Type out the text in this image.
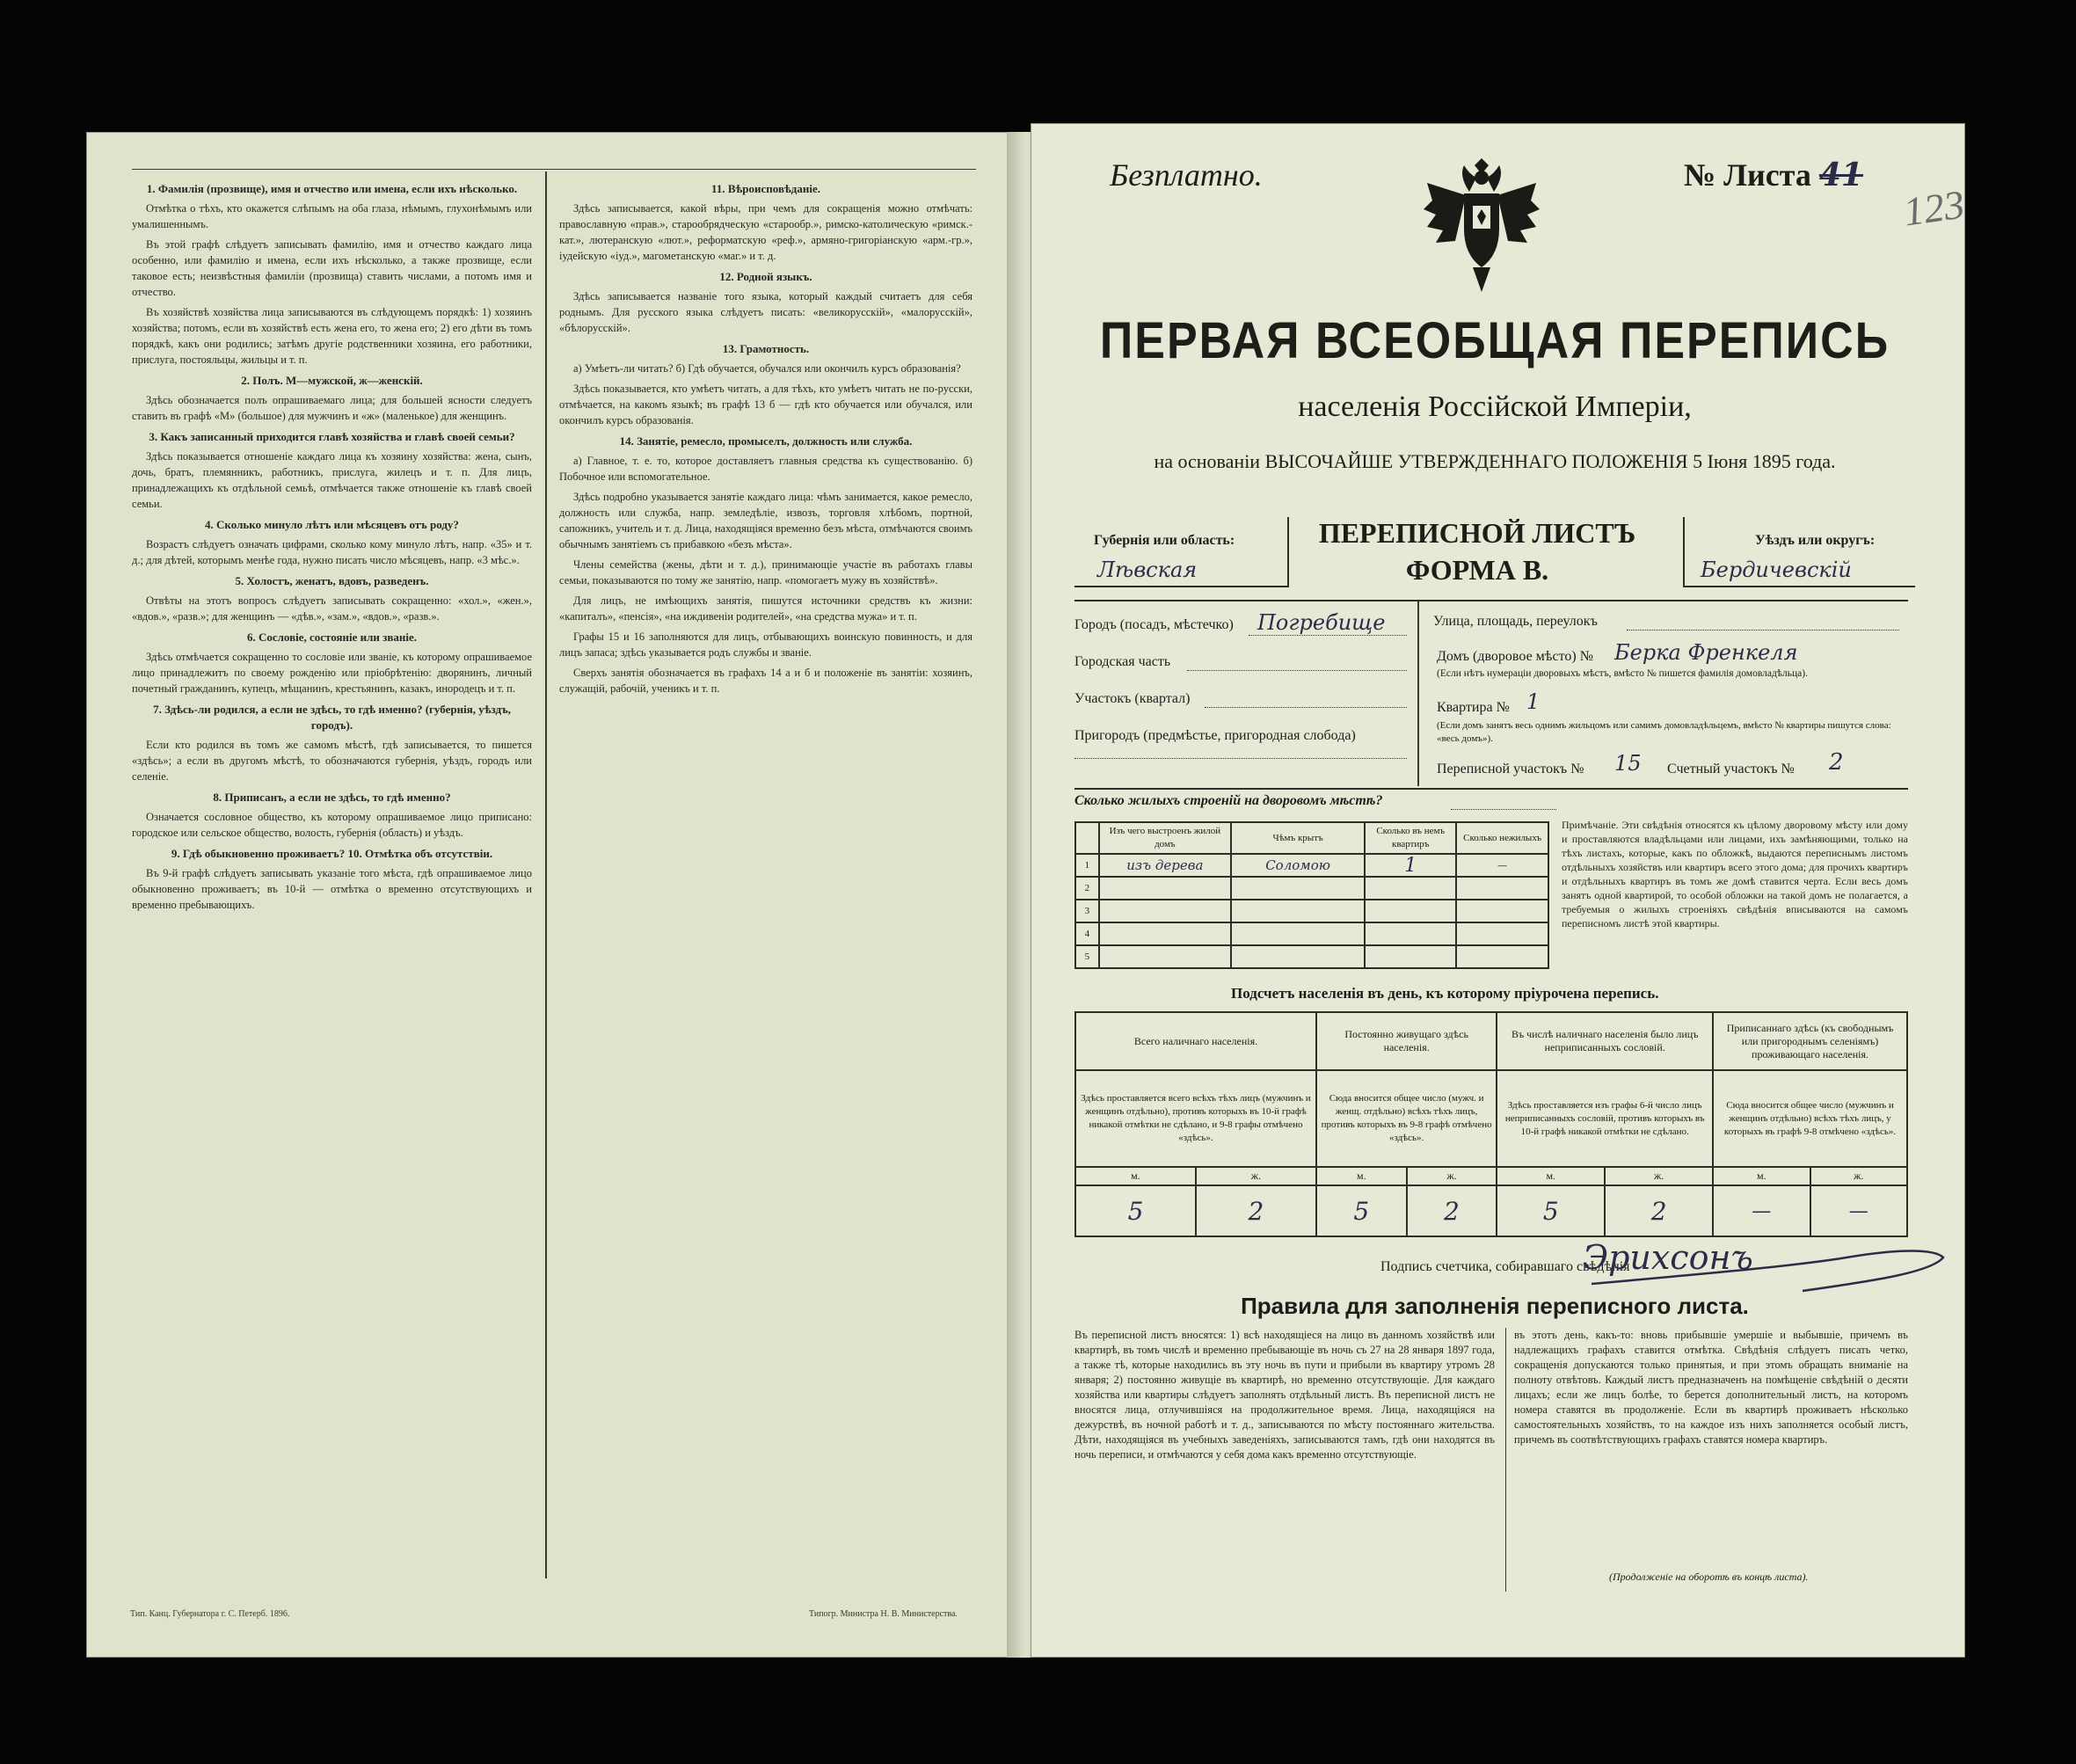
1. Фамилія (прозвище), имя и отчество или имена, если ихъ нѣсколько.

Отмѣтка о тѣхъ, кто окажется слѣпымъ на оба глаза, нѣмымъ, глухонѣмымъ или умалишеннымъ.

Въ этой графѣ слѣдуетъ записывать фамилію, имя и отчество каждаго лица особенно, или фамилію и имена, если ихъ нѣсколько, а также прозвище, если таковое есть; неизвѣстныя фамиліи (прозвища) ставить числами, а потомъ имя и отчество.

Въ хозяйствѣ хозяйства лица записываются въ слѣдующемъ порядкѣ: 1) хозяинъ хозяйства; потомъ, если въ хозяйствѣ есть жена его, то жена его; 2) его дѣти въ томъ порядкѣ, какъ они родились; затѣмъ другіе родственники хозяина, его работники, прислуга, постояльцы, жильцы и т. п.

2. Полъ. М—мужской, ж—женскій.

Здѣсь обозначается полъ опрашиваемаго лица; для большей ясности следуетъ ставить въ графѣ «М» (большое) для мужчинъ и «ж» (маленькое) для женщинъ.

3. Какъ записанный приходится главѣ хозяйства и главѣ своей семьи?

Здѣсь показывается отношеніе каждаго лица къ хозяину хозяйства: жена, сынъ, дочь, братъ, племянникъ, работникъ, прислуга, жилецъ и т. п. Для лицъ, принадлежащихъ къ отдѣльной семьѣ, отмѣчается также отношеніе къ главѣ своей семьи.

4. Сколько минуло лѣтъ или мѣсяцевъ отъ роду?

Возрастъ слѣдуетъ означать цифрами, сколько кому минуло лѣтъ, напр. «35» и т. д.; для дѣтей, которымъ менѣе года, нужно писать число мѣсяцевъ, напр. «3 мѣс.».

5. Холостъ, женатъ, вдовъ, разведенъ.

Отвѣты на этотъ вопросъ слѣдуетъ записывать сокращенно: «хол.», «жен.», «вдов.», «разв.»; для женщинъ — «дѣв.», «зам.», «вдов.», «разв.».

6. Сословіе, состояніе или званіе.

Здѣсь отмѣчается сокращенно то сословіе или званіе, къ которому опрашиваемое лицо принадлежитъ по своему рожденію или пріобрѣтенію: дворянинъ, личный почетный гражданинъ, купецъ, мѣщанинъ, крестьянинъ, казакъ, инородецъ и т. п.

7. Здѣсь-ли родился, а если не здѣсь, то гдѣ именно? (губернія, уѣздъ, городъ).

Если кто родился въ томъ же самомъ мѣстѣ, гдѣ записывается, то пишется «здѣсь»; а если въ другомъ мѣстѣ, то обозначаются губернія, уѣздъ, городъ или селеніе.

8. Приписанъ, а если не здѣсь, то гдѣ именно?

Означается сословное общество, къ которому опрашиваемое лицо приписано: городское или сельское общество, волость, губернія (область) и уѣздъ.

9. Гдѣ обыкновенно проживаетъ? 10. Отмѣтка объ отсутствіи.

Въ 9-й графѣ слѣдуетъ записывать указаніе того мѣста, гдѣ опрашиваемое лицо обыкновенно проживаетъ; въ 10-й — отмѣтка о временно отсутствующихъ и временно пребывающихъ.

11. Вѣроисповѣданіе.

Здѣсь записывается, какой вѣры, при чемъ для сокращенія можно отмѣчать: православную «прав.», старообрядческую «старообр.», римско-католическую «римск.-кат.», лютеранскую «лют.», реформатскую «реф.», армяно-григоріанскую «арм.-гр.», іудейскую «іуд.», магометанскую «маг.» и т. д.

12. Родной языкъ.

Здѣсь записывается названіе того языка, который каждый считаетъ для себя роднымъ. Для русского языка слѣдуетъ писать: «великорусскій», «малорусскій», «бѣлорусскій».

13. Грамотность.

а) Умѣетъ-ли читать? б) Гдѣ обучается, обучался или окончилъ курсъ образованія?

Здѣсь показывается, кто умѣетъ читать, а для тѣхъ, кто умѣетъ читать не по-русски, отмѣчается, на какомъ языкѣ; въ графѣ 13 б — гдѣ кто обучается или обучался, или окончилъ курсъ образованія.

14. Занятіе, ремесло, промыселъ, должность или служба.

а) Главное, т. е. то, которое доставляетъ главныя средства къ существованію. б) Побочное или вспомогательное.

Здѣсь подробно указывается занятіе каждаго лица: чѣмъ занимается, какое ремесло, должность или служба, напр. земледѣліе, извозъ, торговля хлѣбомъ, портной, сапожникъ, учитель и т. д. Лица, находящіяся временно безъ мѣста, отмѣчаются своимъ обычнымъ занятіемъ съ прибавкою «безъ мѣста».

Члены семейства (жены, дѣти и т. д.), принимающіе участіе въ работахъ главы семьи, показываются по тому же занятію, напр. «помогаетъ мужу въ хозяйствѣ».

Для лицъ, не имѣющихъ занятія, пишутся источники средствъ къ жизни: «капиталъ», «пенсія», «на иждивеніи родителей», «на средства мужа» и т. п.

Графы 15 и 16 заполняются для лицъ, отбывающихъ воинскую повинность, и для лицъ запаса; здѣсь указывается родъ службы и званіе.

Сверхъ занятія обозначается въ графахъ 14 а и б и положеніе въ занятіи: хозяинъ, служащій, рабочій, ученикъ и т. п.

Тип. Канц. Губернатора г. С. Петерб. 1896.	Типогр. Министра Н. В. Министерства.
Безплатно.	№ Листа 41
123
ПЕРВАЯ ВСЕОБЩАЯ ПЕРЕПИСЬ
населенія Россійской Имперіи,
на основаніи ВЫСОЧАЙШЕ УТВЕРЖДЕННАГО ПОЛОЖЕНІЯ 5 Іюня 1895 года.
Губернія или область:
Лѣвская
ПЕРЕПИСНОЙ ЛИСТЪ
ФОРМА В.
Уѣздъ или округъ:
Бердичевскій
Городъ (посадъ, мѣстечко) Погребище
Городская часть
Участокъ (квартал)
Пригородъ (предмѣстье, пригородная слобода)
Улица, площадь, переулокъ
Домъ (дворовое мѣсто) № Берка Френкеля
(Если нѣтъ нумераціи дворовыхъ мѣстъ, вмѣсто № пишется фамилія домовладѣльца).
Квартира № 1
(Если домъ занятъ весь однимъ жильцомъ или самимъ домовладѣльцемъ, вмѣсто № квартиры пишутся слова: «весь домъ»).
Переписной участокъ № 15 Счетный участокъ № 2
Сколько жилыхъ строеній на дворовомъ мѣстѣ?
	Изъ чего выстроенъ жилой домъ	Чѣмъ крытъ	Сколько въ немъ квартиръ	Сколько нежилыхъ
1	изъ дерева	Соломою	1	—
2				
3				
4				
5				
Примѣчаніе. Эти свѣдѣнія относятся къ цѣлому дворовому мѣсту или дому и проставляются владѣльцами или лицами, ихъ замѣняющими, только на тѣхъ листахъ, которые, какъ по обложкѣ, выдаются переписнымъ листомъ отдѣльныхъ хозяйствъ или квартиръ всего этого дома; для прочихъ квартиръ и отдѣльныхъ квартиръ въ томъ же домѣ ставится черта. Если весь домъ занятъ одной квартирой, то особой обложки на такой домъ не полагается, а требуемыя о жилыхъ строеніяхъ свѣдѣнія вписываются на самомъ переписномъ листѣ этой квартиры.
Подсчетъ населенія въ день, къ которому пріурочена перепись.
Всего наличнаго населенія.		Постоянно живущаго здѣсь населенія.		Въ числѣ наличнаго населенія было лицъ неприписанныхъ сословій.		Приписаннаго здѣсь (къ свободнымъ или пригороднымъ селеніямъ) проживающаго населенія.	
Здѣсь проставляется всего всѣхъ тѣхъ лицъ (мужчинъ и женщинъ отдѣльно), противъ которыхъ въ 10-й графѣ никакой отмѣтки не сдѣлано, и 9-8 графы отмѣчено «здѣсь».		Сюда вносится общее число (мужч. и женщ. отдѣльно) всѣхъ тѣхъ лицъ, противъ которыхъ въ 9-8 графѣ отмѣчено «здѣсь».		Здѣсь проставляется изъ графы 6-й число лицъ неприписанныхъ сословій, противъ которыхъ въ 10-й графѣ никакой отмѣтки не сдѣлано.		Сюда вносится общее число (мужчинъ и женщинъ отдѣльно) всѣхъ тѣхъ лицъ, у которыхъ въ графѣ 9-8 отмѣчено «здѣсь».	
м.	ж.	м.	ж.	м.	ж.	м.	ж.
5	2	5	2	5	2	—	—
Подпись счетчика, собиравшаго свѣдѣнія
Эрихсонъ
Правила для заполненія переписного листа.
Въ переписной листъ вносятся: 1) всѣ находящіеся на лицо въ данномъ хозяйствѣ или квартирѣ, въ томъ числѣ и временно пребывающіе въ ночь съ 27 на 28 января 1897 года, а также тѣ, которые находились въ эту ночь въ пути и прибыли въ квартиру утромъ 28 января; 2) постоянно живущіе въ квартирѣ, но временно отсутствующіе. Для каждаго хозяйства или квартиры слѣдуетъ заполнять отдѣльный листъ. Въ переписной листъ не вносятся лица, отлучившіяся на продолжительное время. Лица, находящіяся на дежурствѣ, въ ночной работѣ и т. д., записываются по мѣсту постояннаго жительства. Дѣти, находящіяся въ учебныхъ заведеніяхъ, записываются тамъ, гдѣ они находятся въ ночь переписи, и отмѣчаются у себя дома какъ временно отсутствующіе.
въ этотъ день, какъ-то: вновь прибывшіе умершіе и выбывшіе, причемъ въ надлежащихъ графахъ ставится отмѣтка. Свѣдѣнія слѣдуетъ писать четко, сокращенія допускаются только принятыя, и при этомъ обращать вниманіе на полноту отвѣтовъ. Каждый листъ предназначенъ на помѣщеніе свѣдѣній о десяти лицахъ; если же лицъ болѣе, то берется дополнительный листъ, на которомъ номера ставятся въ продолженіе. Если въ квартирѣ проживаетъ нѣсколько самостоятельныхъ хозяйствъ, то на каждое изъ нихъ заполняется особый листъ, причемъ въ соотвѣтствующихъ графахъ ставятся номера квартиръ.
(Продолженіе на оборотѣ въ концѣ листа).
